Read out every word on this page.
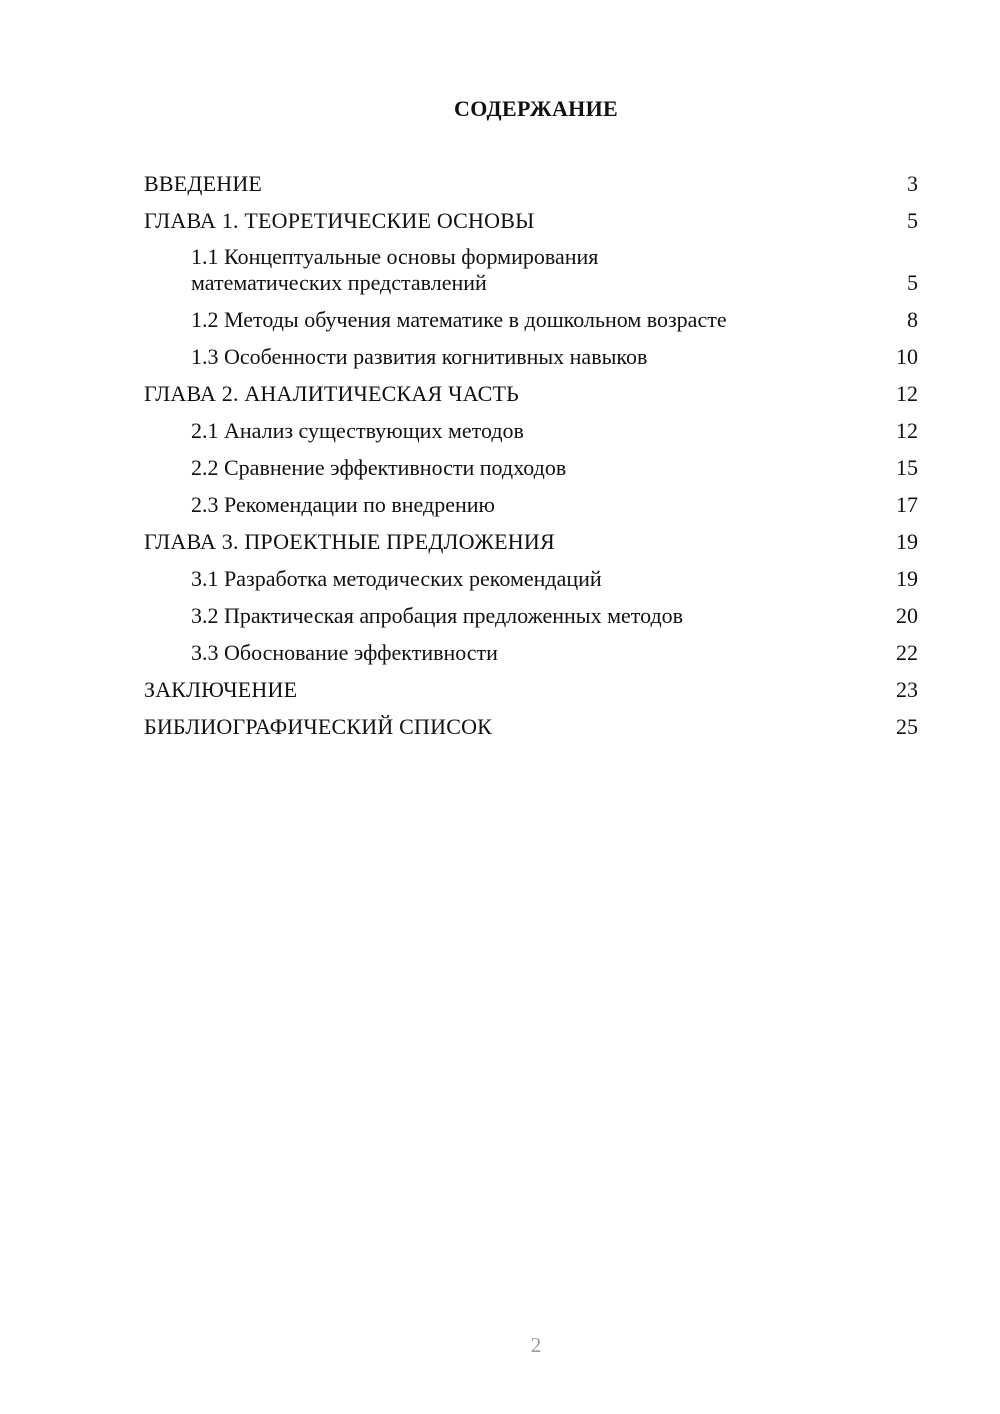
СОДЕРЖАНИЕ
ВВЕДЕНИЕ	3
ГЛАВА 1. ТЕОРЕТИЧЕСКИЕ ОСНОВЫ	5
1.1 Концептуальные основы формирования
математических представлений	5
1.2 Методы обучения математике в дошкольном возрасте	8
1.3 Особенности развития когнитивных навыков	10
ГЛАВА 2. АНАЛИТИЧЕСКАЯ ЧАСТЬ	12
2.1 Анализ существующих методов	12
2.2 Сравнение эффективности подходов	15
2.3 Рекомендации по внедрению	17
ГЛАВА 3. ПРОЕКТНЫЕ ПРЕДЛОЖЕНИЯ	19
3.1 Разработка методических рекомендаций	19
3.2 Практическая апробация предложенных методов	20
3.3 Обоснование эффективности	22
ЗАКЛЮЧЕНИЕ	23
БИБЛИОГРАФИЧЕСКИЙ СПИСОК	25
2
